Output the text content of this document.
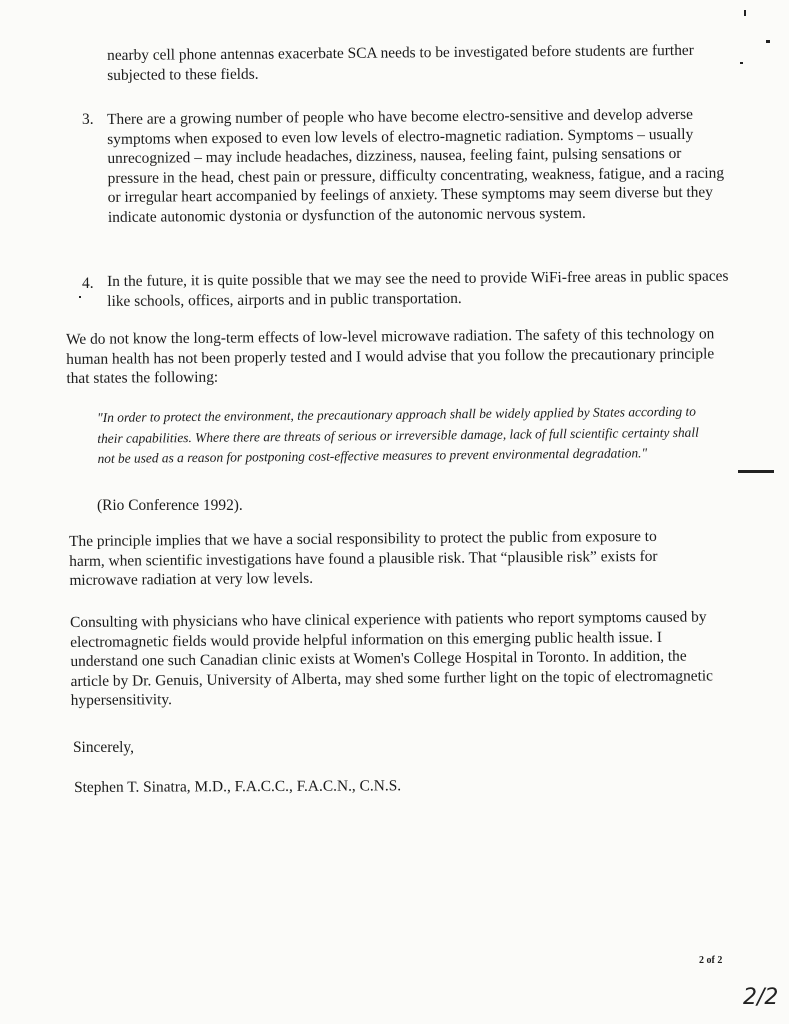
nearby cell phone antennas exacerbate SCA needs to be investigated before students are further subjected to these fields.
3. There are a growing number of people who have become electro-sensitive and develop adverse symptoms when exposed to even low levels of electro-magnetic radiation. Symptoms – usually unrecognized – may include headaches, dizziness, nausea, feeling faint, pulsing sensations or pressure in the head, chest pain or pressure, difficulty concentrating, weakness, fatigue, and a racing or irregular heart accompanied by feelings of anxiety. These symptoms may seem diverse but they indicate autonomic dystonia or dysfunction of the autonomic nervous system.
4. In the future, it is quite possible that we may see the need to provide WiFi-free areas in public spaces like schools, offices, airports and in public transportation.
We do not know the long-term effects of low-level microwave radiation. The safety of this technology on human health has not been properly tested and I would advise that you follow the precautionary principle that states the following:
"In order to protect the environment, the precautionary approach shall be widely applied by States according to their capabilities. Where there are threats of serious or irreversible damage, lack of full scientific certainty shall not be used as a reason for postponing cost-effective measures to prevent environmental degradation."
(Rio Conference 1992).
The principle implies that we have a social responsibility to protect the public from exposure to harm, when scientific investigations have found a plausible risk. That “plausible risk” exists for microwave radiation at very low levels.
Consulting with physicians who have clinical experience with patients who report symptoms caused by electromagnetic fields would provide helpful information on this emerging public health issue. I understand one such Canadian clinic exists at Women's College Hospital in Toronto. In addition, the article by Dr. Genuis, University of Alberta, may shed some further light on the topic of electromagnetic hypersensitivity.
Sincerely,
Stephen T. Sinatra, M.D., F.A.C.C., F.A.C.N., C.N.S.
2 of 2
2/2
